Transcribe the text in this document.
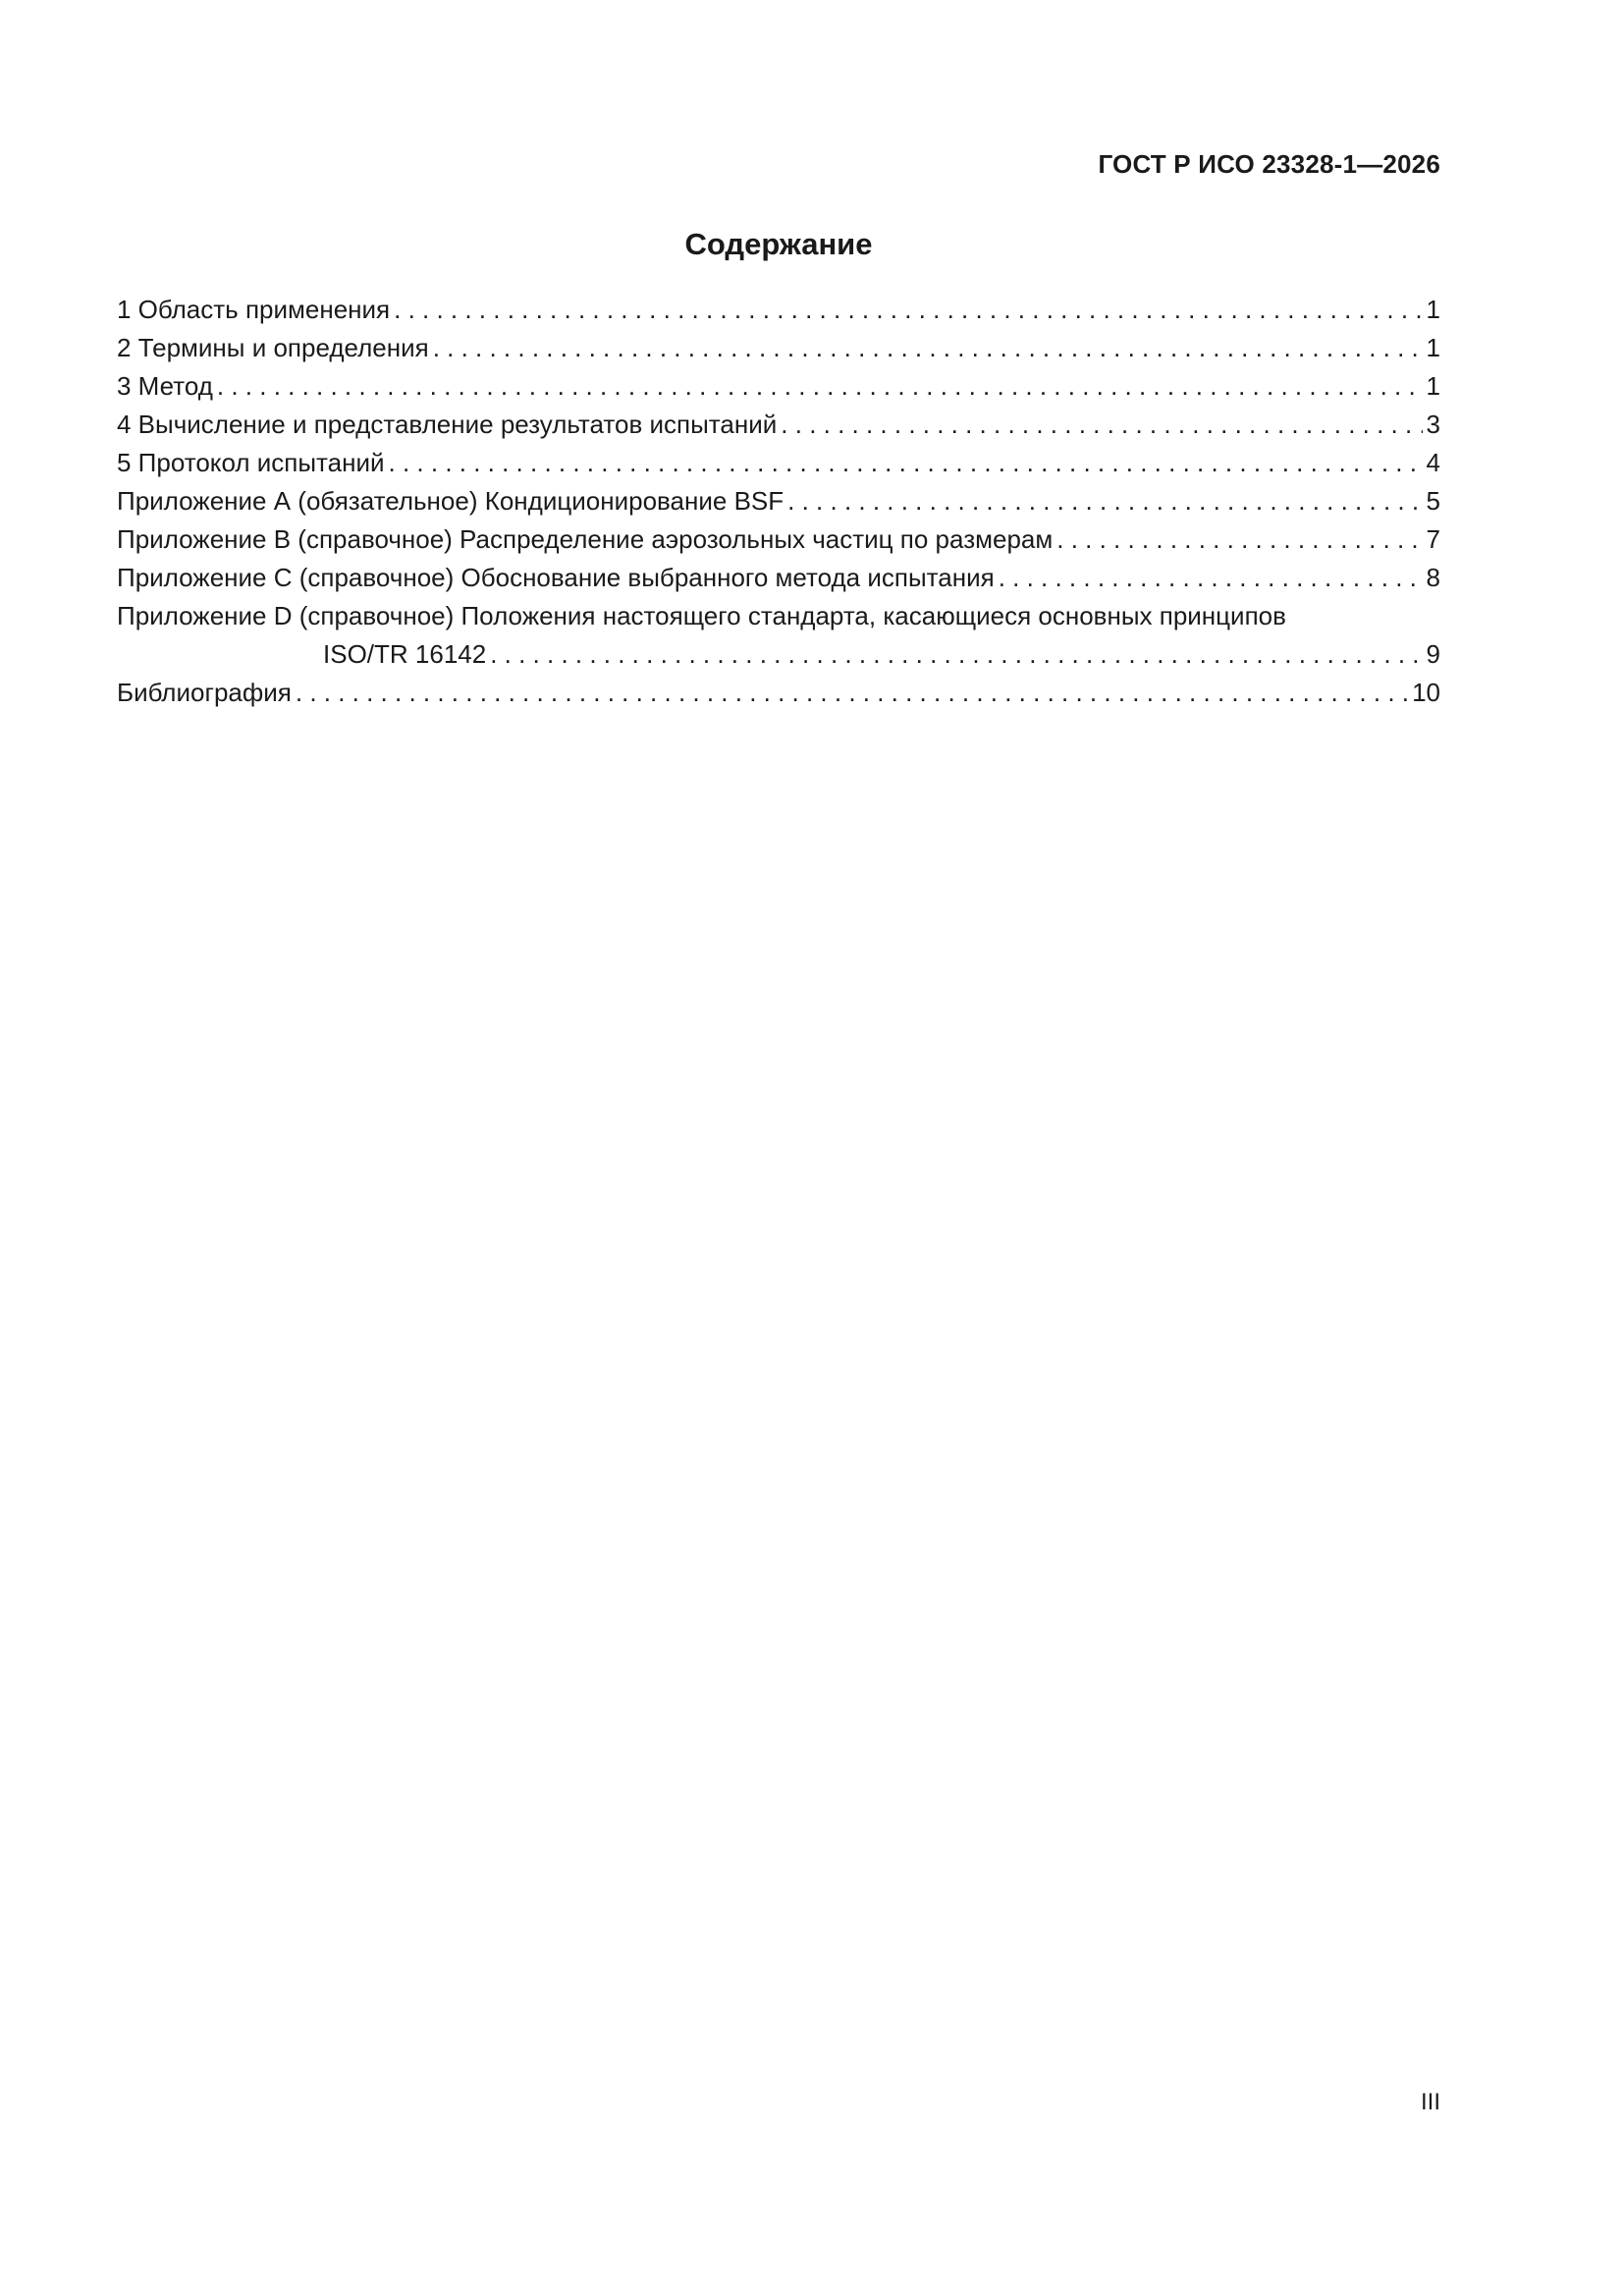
ГОСТ Р ИСО 23328-1—2026
Содержание
1 Область применения . . .	1
2 Термины и определения . . .	1
3 Метод . . .	1
4 Вычисление и представление результатов испытаний . . .	3
5 Протокол испытаний . . .	4
Приложение А (обязательное) Кондиционирование BSF . . .	5
Приложение В (справочное) Распределение аэрозольных частиц по размерам . . .	7
Приложение С (справочное) Обоснование выбранного метода испытания . . .	8
Приложение D (справочное) Положения настоящего стандарта, касающиеся основных принципов
ISO/TR 16142 . . .	9
Библиография . . .	10
III
